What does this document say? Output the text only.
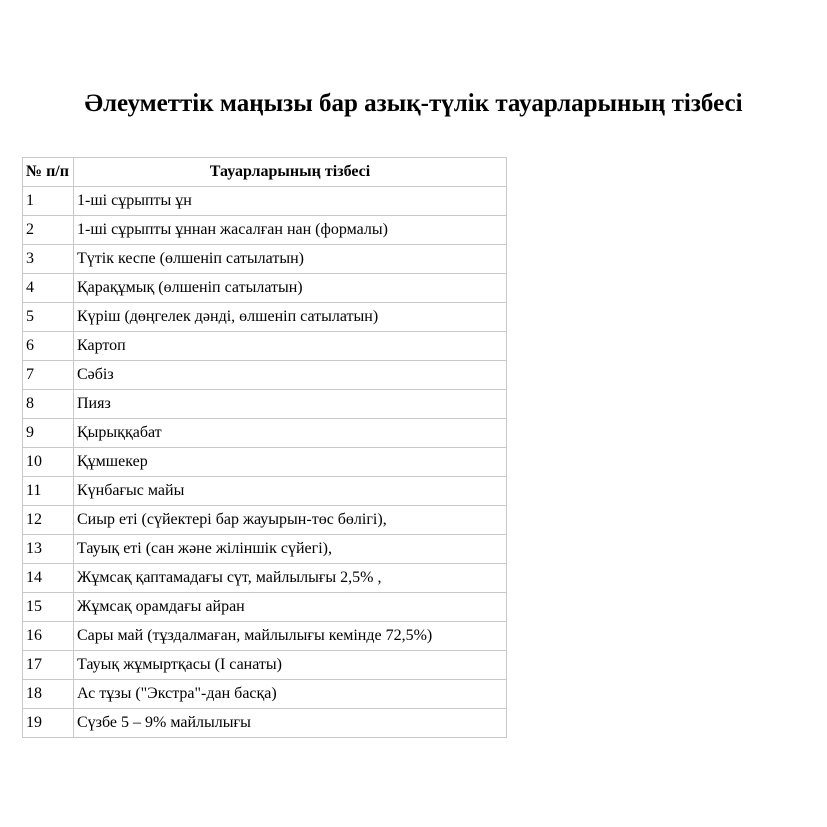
Әлеуметтік маңызы бар азық-түлік тауарларының тізбесі
№ п/п	Тауарларының тізбесі
1	1-ші сұрыпты ұн
2	1-ші сұрыпты ұннан жасалған нан (формалы)
3	Түтік кеспе (өлшеніп сатылатын)
4	Қарақұмық (өлшеніп сатылатын)
5	Күріш (дөңгелек дәнді, өлшеніп сатылатын)
6	Картоп
7	Сәбіз
8	Пияз
9	Қырыққабат
10	Құмшекер
11	Күнбағыс майы
12	Сиыр еті (сүйектері бар жауырын-төс бөлігі),
13	Тауық еті (сан және жіліншік сүйегі),
14	Жұмсақ қаптамадағы сүт, майлылығы 2,5% ,
15	Жұмсақ орамдағы айран
16	Сары май (тұздалмаған, майлылығы кемінде 72,5%)
17	Тауық жұмыртқасы (I санаты)
18	Ас тұзы ("Экстра"-дан басқа)
19	Сүзбе 5 – 9% майлылығы
